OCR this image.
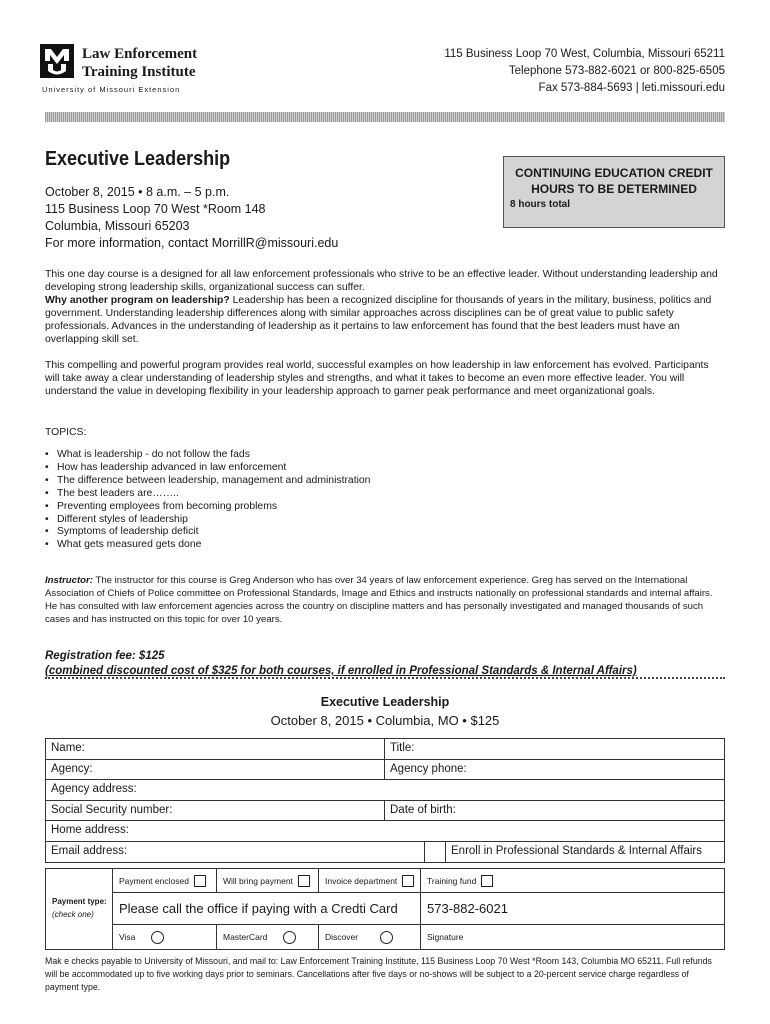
Law Enforcement
Training Institute
University of Missouri Extension
115 Business Loop 70 West, Columbia, Missouri 65211
Telephone 573-882-6021 or 800-825-6505
Fax 573-884-5693 | leti.missouri.edu
Executive Leadership
October 8, 2015 • 8 a.m. – 5 p.m.
115 Business Loop 70 West *Room 148
Columbia, Missouri 65203
For more information, contact MorrillR@missouri.edu
CONTINUING EDUCATION CREDIT
HOURS TO BE DETERMINED
8 hours total
This one day course is a designed for all law enforcement professionals who strive to be an effective leader. Without understanding leadership and developing strong leadership skills, organizational success can suffer.
Why another program on leadership? Leadership has been a recognized discipline for thousands of years in the military, business, politics and government. Understanding leadership differences along with similar approaches across disciplines can be of great value to public safety professionals. Advances in the understanding of leadership as it pertains to law enforcement has found that the best leaders must have an overlapping skill set.
This compelling and powerful program provides real world, successful examples on how leadership in law enforcement has evolved. Participants will take away a clear understanding of leadership styles and strengths, and what it takes to become an even more effective leader. You will understand the value in developing flexibility in your leadership approach to garner peak performance and meet organizational goals.
TOPICS:
• What is leadership - do not follow the fads
• How has leadership advanced in law enforcement
• The difference between leadership, management and administration
• The best leaders are……..
• Preventing employees from becoming problems
• Different styles of leadership
• Symptoms of leadership deficit
• What gets measured gets done
Instructor: The instructor for this course is Greg Anderson who has over 34 years of law enforcement experience. Greg has served on the International Association of Chiefs of Police committee on Professional Standards, Image and Ethics and instructs nationally on professional standards and internal affairs. He has consulted with law enforcement agencies across the country on discipline matters and has personally investigated and managed thousands of such cases and has instructed on this topic for over 10 years.
Registration fee: $125
(combined discounted cost of $325 for both courses, if enrolled in Professional Standards & Internal Affairs)
Executive Leadership
October 8, 2015 • Columbia, MO • $125
Name:	Title:
Agency:	Agency phone:
Agency address:
Social Security number:	Date of birth:
Home address:
Email address:	Enroll in Professional Standards & Internal Affairs
Payment type:
(check one)
Payment enclosed	Will bring payment	Invoice department	Training fund
Please call the office if paying with a Credti Card	573-882-6021
Visa	MasterCard	Discover	Signature
Mak e checks payable to University of Missouri, and mail to: Law Enforcement Training Institute, 115 Business Loop 70 West *Room 143, Columbia MO 65211. Full refunds will be accommodated up to five working days prior to seminars. Cancellations after five days or no-shows will be subject to a 20-percent service charge regardless of payment type.
